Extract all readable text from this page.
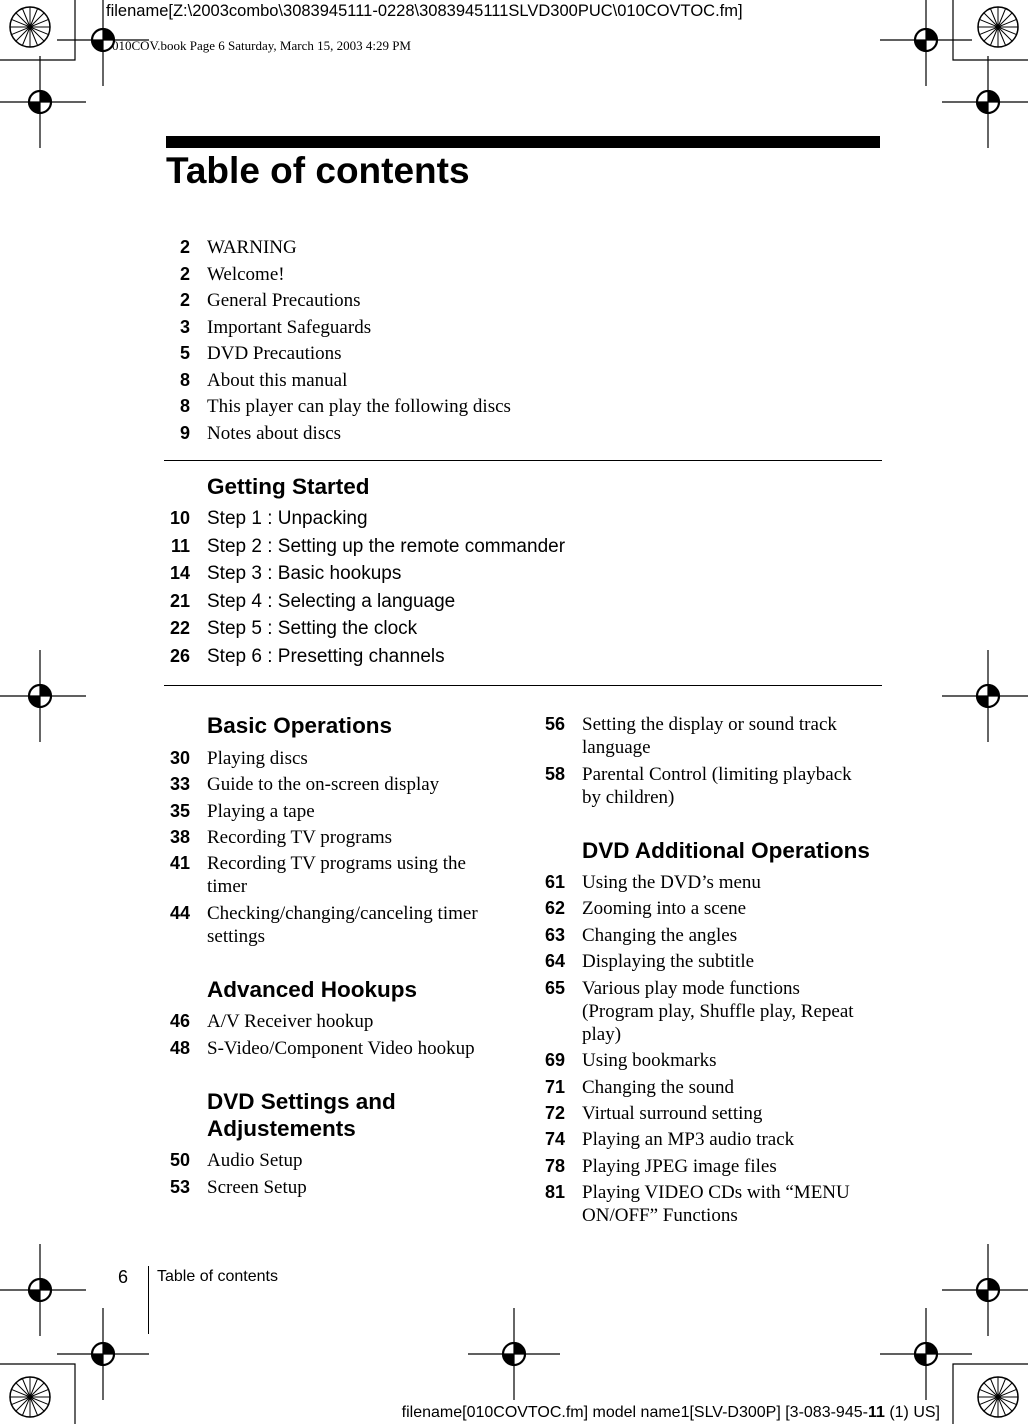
filename[Z:\2003combo\3083945111-0228\3083945111SLVD300PUC\010COVTOC.fm]
010COV.book Page 6 Saturday, March 15, 2003 4:29 PM
Table of contents
2 WARNING
2 Welcome!
2 General Precautions
3 Important Safeguards
5 DVD Precautions
8 About this manual
8 This player can play the following discs
9 Notes about discs
Getting Started
10 Step 1 : Unpacking
11 Step 2 : Setting up the remote commander
14 Step 3 : Basic hookups
21 Step 4 : Selecting a language
22 Step 5 : Setting the clock
26 Step 6 : Presetting channels
Basic Operations
30 Playing discs
33 Guide to the on-screen display
35 Playing a tape
38 Recording TV programs
41 Recording TV programs using the timer
44 Checking/changing/canceling timer settings
Advanced Hookups
46 A/V Receiver hookup
48 S-Video/Component Video hookup
DVD Settings and
Adjustements
50 Audio Setup
53 Screen Setup
56 Setting the display or sound track language
58 Parental Control (limiting playback by children)
DVD Additional Operations
61 Using the DVD’s menu
62 Zooming into a scene
63 Changing the angles
64 Displaying the subtitle
65 Various play mode functions (Program play, Shuffle play, Repeat play)
69 Using bookmarks
71 Changing the sound
72 Virtual surround setting
74 Playing an MP3 audio track
78 Playing JPEG image files
81 Playing VIDEO CDs with “MENU ON/OFF” Functions
6 Table of contents
filename[010COVTOC.fm] model name1[SLV-D300P] [3-083-945-11 (1) US]
